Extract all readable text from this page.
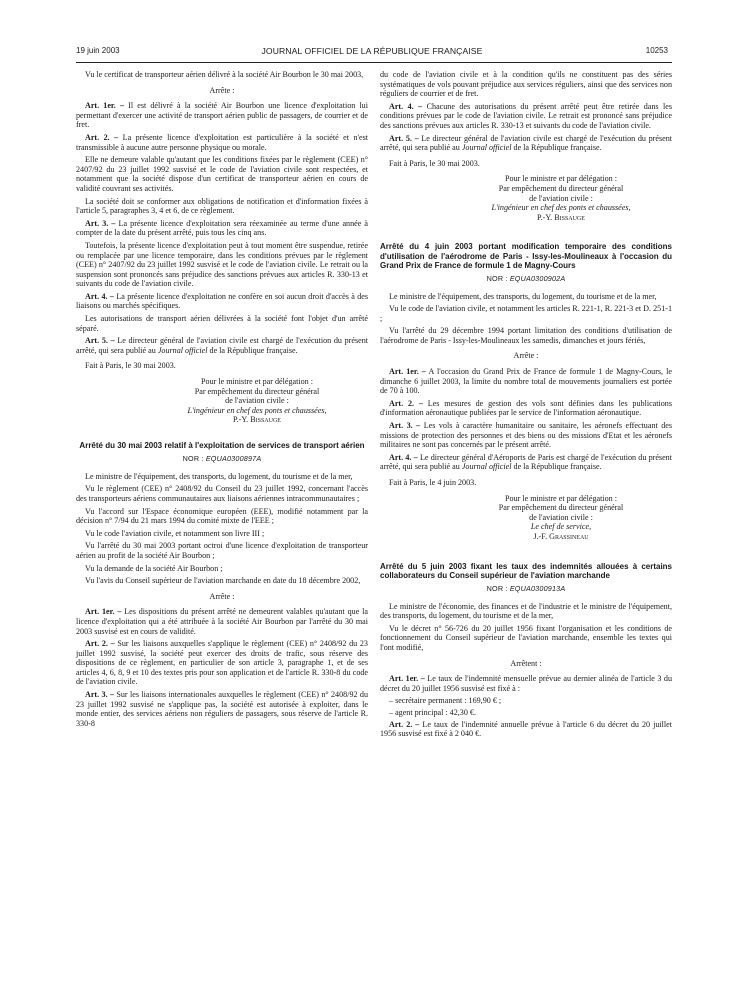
19 juin 2003	JOURNAL OFFICIEL DE LA RÉPUBLIQUE FRANÇAISE	10253

Vu le certificat de transporteur aérien délivré à la société Air Bourbon le 30 mai 2003,

Arrête :

Art. 1er. – Il est délivré à la société Air Bourbon une licence d'exploitation lui permettant d'exercer une activité de transport aérien public de passagers, de courrier et de fret.

Art. 2. – La présente licence d'exploitation est particulière à la société et n'est transmissible à aucune autre personne physique ou morale.

Elle ne demeure valable qu'autant que les conditions fixées par le règlement (CEE) n° 2407/92 du 23 juillet 1992 susvisé et le code de l'aviation civile sont respectées, et notamment que la société dispose d'un certificat de transporteur aérien en cours de validité couvrant ses activités.

La société doit se conformer aux obligations de notification et d'information fixées à l'article 5, paragraphes 3, 4 et 6, de ce règlement.

Art. 3. – La présente licence d'exploitation sera réexaminée au terme d'une année à compter de la date du présent arrêté, puis tous les cinq ans.

Toutefois, la présente licence d'exploitation peut à tout moment être suspendue, retirée ou remplacée par une licence temporaire, dans les conditions prévues par le règlement (CEE) n° 2407/92 du 23 juillet 1992 susvisé et le code de l'aviation civile. Le retrait ou la suspension sont prononcés sans préjudice des sanctions prévues aux articles R. 330-13 et suivants du code de l'aviation civile.

Art. 4. – La présente licence d'exploitation ne confère en soi aucun droit d'accès à des liaisons ou marchés spécifiques.

Les autorisations de transport aérien délivrées à la société font l'objet d'un arrêté séparé.

Art. 5. – Le directeur général de l'aviation civile est chargé de l'exécution du présent arrêté, qui sera publié au Journal officiel de la République française.

Fait à Paris, le 30 mai 2003.

Pour le ministre et par délégation :
Par empêchement du directeur général
de l'aviation civile :
L'ingénieur en chef des ponts et chaussées,
P.-Y. Bissauge
Arrêté du 30 mai 2003 relatif à l'exploitation de services de transport aérien
NOR : EQUA0300897A

Le ministre de l'équipement, des transports, du logement, du tourisme et de la mer,

Vu le règlement (CEE) n° 2408/92 du Conseil du 23 juillet 1992, concernant l'accès des transporteurs aériens communautaires aux liaisons aériennes intracommunautaires ;

Vu l'accord sur l'Espace économique européen (EEE), modifié notamment par la décision n° 7/94 du 21 mars 1994 du comité mixte de l'EEE ;

Vu le code l'aviation civile, et notamment son livre III ;

Vu l'arrêté du 30 mai 2003 portant octroi d'une licence d'exploitation de transporteur aérien au profit de la société Air Bourbon ;

Vu la demande de la société Air Bourbon ;

Vu l'avis du Conseil supérieur de l'aviation marchande en date du 18 décembre 2002,

Arrête :

Art. 1er. – Les dispositions du présent arrêté ne demeurent valables qu'autant que la licence d'exploitation qui a été attribuée à la société Air Bourbon par l'arrêté du 30 mai 2003 susvisé est en cours de validité.

Art. 2. – Sur les liaisons auxquelles s'applique le règlement (CEE) n° 2408/92 du 23 juillet 1992 susvisé, la société peut exercer des droits de trafic, sous réserve des dispositions de ce règlement, en particulier de son article 3, paragraphe 1, et de ses articles 4, 6, 8, 9 et 10 des textes pris pour son application et de l'article R. 330-8 du code de l'aviation civile.

Art. 3. – Sur les liaisons internationales auxquelles le règlement (CEE) n° 2408/92 du 23 juillet 1992 susvisé ne s'applique pas, la société est autorisée à exploiter, dans le monde entier, des services aériens non réguliers de passagers, sous réserve de l'article R. 330-8

du code de l'aviation civile et à la condition qu'ils ne constituent pas des séries systématiques de vols pouvant préjudice aux services réguliers, ainsi que des services non réguliers de courrier et de fret.

Art. 4. – Chacune des autorisations du présent arrêté peut être retirée dans les conditions prévues par le code de l'aviation civile. Le retrait est prononcé sans préjudice des sanctions prévues aux articles R. 330-13 et suivants du code de l'aviation civile.

Art. 5. – Le directeur général de l'aviation civile est chargé de l'exécution du présent arrêté, qui sera publié au Journal officiel de la République française.

Fait à Paris, le 30 mai 2003.

Pour le ministre et par délégation :
Par empêchement du directeur général
de l'aviation civile :
L'ingénieur en chef des ponts et chaussées,
P.-Y. Bissauge
Arrêté du 4 juin 2003 portant modification temporaire des conditions d'utilisation de l'aérodrome de Paris - Issy-les-Moulineaux à l'occasion du Grand Prix de France de formule 1 de Magny-Cours
NOR : EQUA0300902A

Le ministre de l'équipement, des transports, du logement, du tourisme et de la mer,

Vu le code de l'aviation civile, et notamment les articles R. 221-1, R. 221-3 et D. 251-1 ;

Vu l'arrêté du 29 décembre 1994 portant limitation des conditions d'utilisation de l'aérodrome de Paris - Issy-les-Moulineaux les samedis, dimanches et jours fériés,

Arrête :

Art. 1er. – A l'occasion du Grand Prix de France de formule 1 de Magny-Cours, le dimanche 6 juillet 2003, la limite du nombre total de mouvements journaliers est portée de 70 à 100.

Art. 2. – Les mesures de gestion des vols sont définies dans les publications d'information aéronautique publiées par le service de l'information aéronautique.

Art. 3. – Les vols à caractère humanitaire ou sanitaire, les aéronefs effectuant des missions de protection des personnes et des biens ou des missions d'Etat et les aéronefs militaires ne sont pas concernés par le présent arrêté.

Art. 4. – Le directeur général d'Aéroports de Paris est chargé de l'exécution du présent arrêté, qui sera publié au Journal officiel de la République française.

Fait à Paris, le 4 juin 2003.

Pour le ministre et par délégation :
Par empêchement du directeur général
de l'aviation civile :
Le chef de service,
J.-F. Grassineau
Arrêté du 5 juin 2003 fixant les taux des indemnités allouées à certains collaborateurs du Conseil supérieur de l'aviation marchande
NOR : EQUA0300913A

Le ministre de l'économie, des finances et de l'industrie et le ministre de l'équipement, des transports, du logement, du tourisme et de la mer,

Vu le décret n° 56-726 du 20 juillet 1956 fixant l'organisation et les conditions de fonctionnement du Conseil supérieur de l'aviation marchande, ensemble les textes qui l'ont modifié,

Arrêtent :

Art. 1er. – Le taux de l'indemnité mensuelle prévue au dernier alinéa de l'article 3 du décret du 20 juillet 1956 susvisé est fixé à :

– secrétaire permanent : 169,90 € ;

– agent principal : 42,30 €.

Art. 2. – Le taux de l'indemnité annuelle prévue à l'article 6 du décret du 20 juillet 1956 susvisé est fixé à 2 040 €.
